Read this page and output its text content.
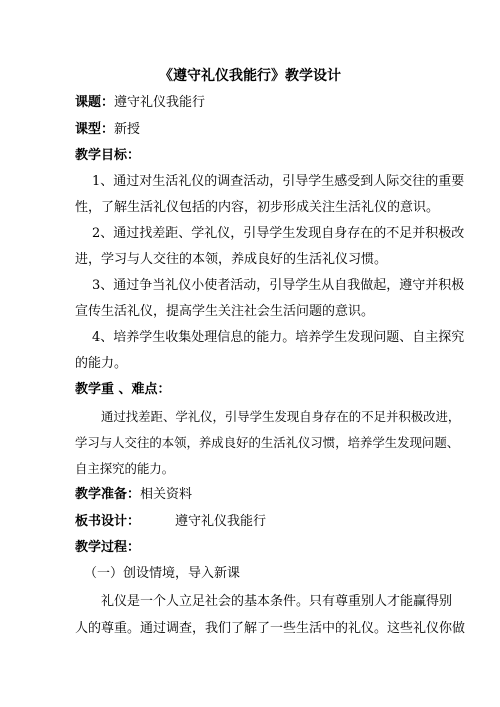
《遵守礼仪我能行》教学设计
课题：遵守礼仪我能行
课型：新授
教学目标：
1、通过对生活礼仪的调查活动，引导学生感受到人际交往的重要
性，了解生活礼仪包括的内容，初步形成关注生活礼仪的意识。
2、通过找差距、学礼仪，引导学生发现自身存在的不足并积极改
进，学习与人交往的本领，养成良好的生活礼仪习惯。
3、通过争当礼仪小使者活动，引导学生从自我做起，遵守并积极
宣传生活礼仪，提高学生关注社会生活问题的意识。
4、培养学生收集处理信息的能力。培养学生发现问题、自主探究
的能力。
教学重 、难点：
通过找差距、学礼仪，引导学生发现自身存在的不足并积极改进，
学习与人交往的本领，养成良好的生活礼仪习惯，培养学生发现问题、
自主探究的能力。
教学准备：相关资料
板书设计：	遵守礼仪我能行
教学过程：
（一）创设情境，导入新课
礼仪是一个人立足社会的基本条件。只有尊重别人才能赢得别
人的尊重。通过调查，我们了解了一些生活中的礼仪。这些礼仪你做
